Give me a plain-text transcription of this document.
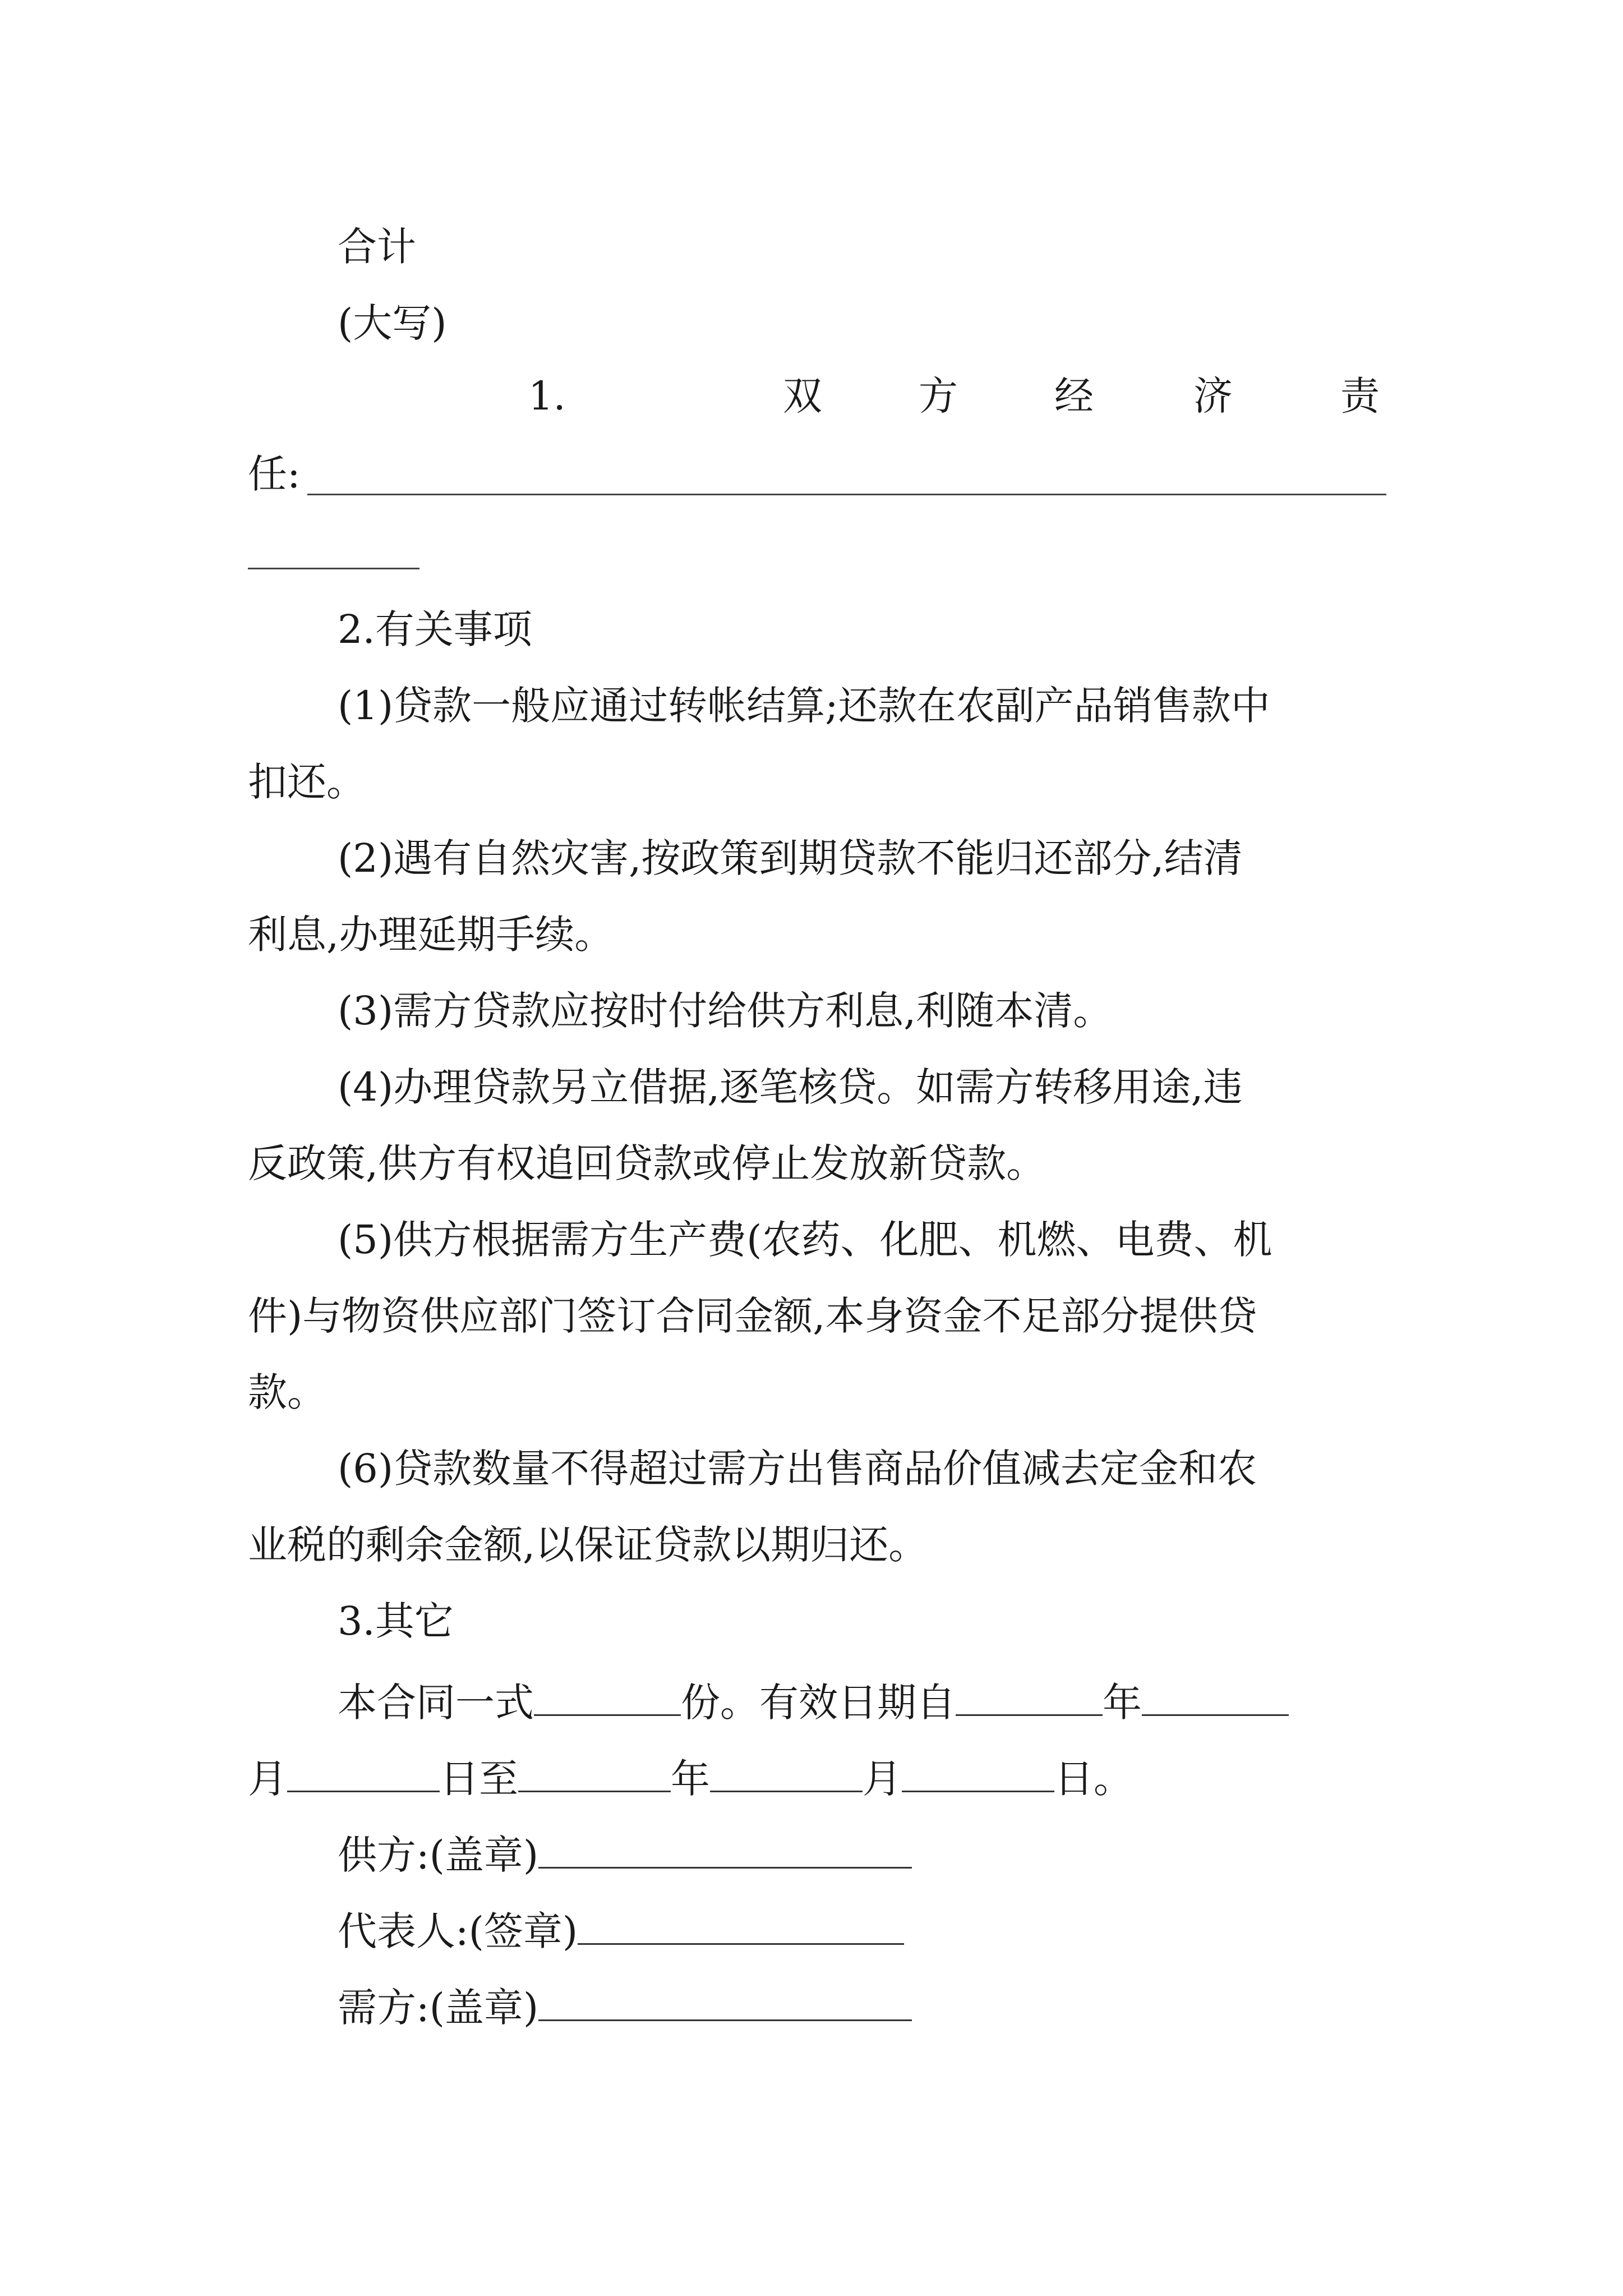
合计
(大写)
1.	双 方 经	济	责
任:
2.有关事项
(1)贷款一般应通过转帐结算;还款在农副产品销售款中
扣还。
(2)遇有自然灾害,按政策到期贷款不能归还部分,结清
利息,办理延期手续。
(3)需方贷款应按时付给供方利息,利随本清。
(4)办理贷款另立借据,逐笔核贷。如需方转移用途,违
反政策,供方有权追回贷款或停止发放新贷款。
(5)供方根据需方生产费(农药、化肥、机燃、电费、机
件)与物资供应部门签订合同金额,本身资金不足部分提供贷
款。
(6)贷款数量不得超过需方出售商品价值减去定金和农
业税的剩余金额,以保证贷款以期归还。
3.其它
本合同一式	份。有效日期自	年
月	日至	年	月	日。
供方:(盖章)
代表人:(签章)
需方:(盖章)
